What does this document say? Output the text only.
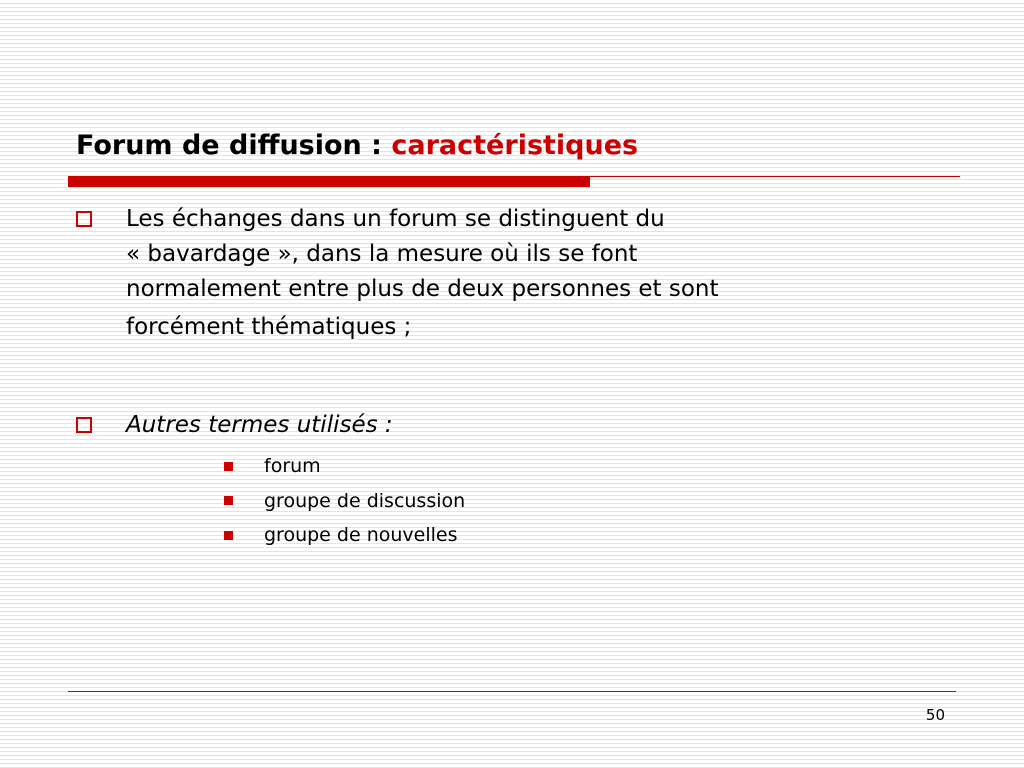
Forum de diffusion : caractéristiques

Les échanges dans un forum se distinguent du
« bavardage », dans la mesure où ils se font
normalement entre plus de deux personnes et sont
forcément thématiques ;

Autres termes utilisés :

forum
groupe de discussion
groupe de nouvelles

50
